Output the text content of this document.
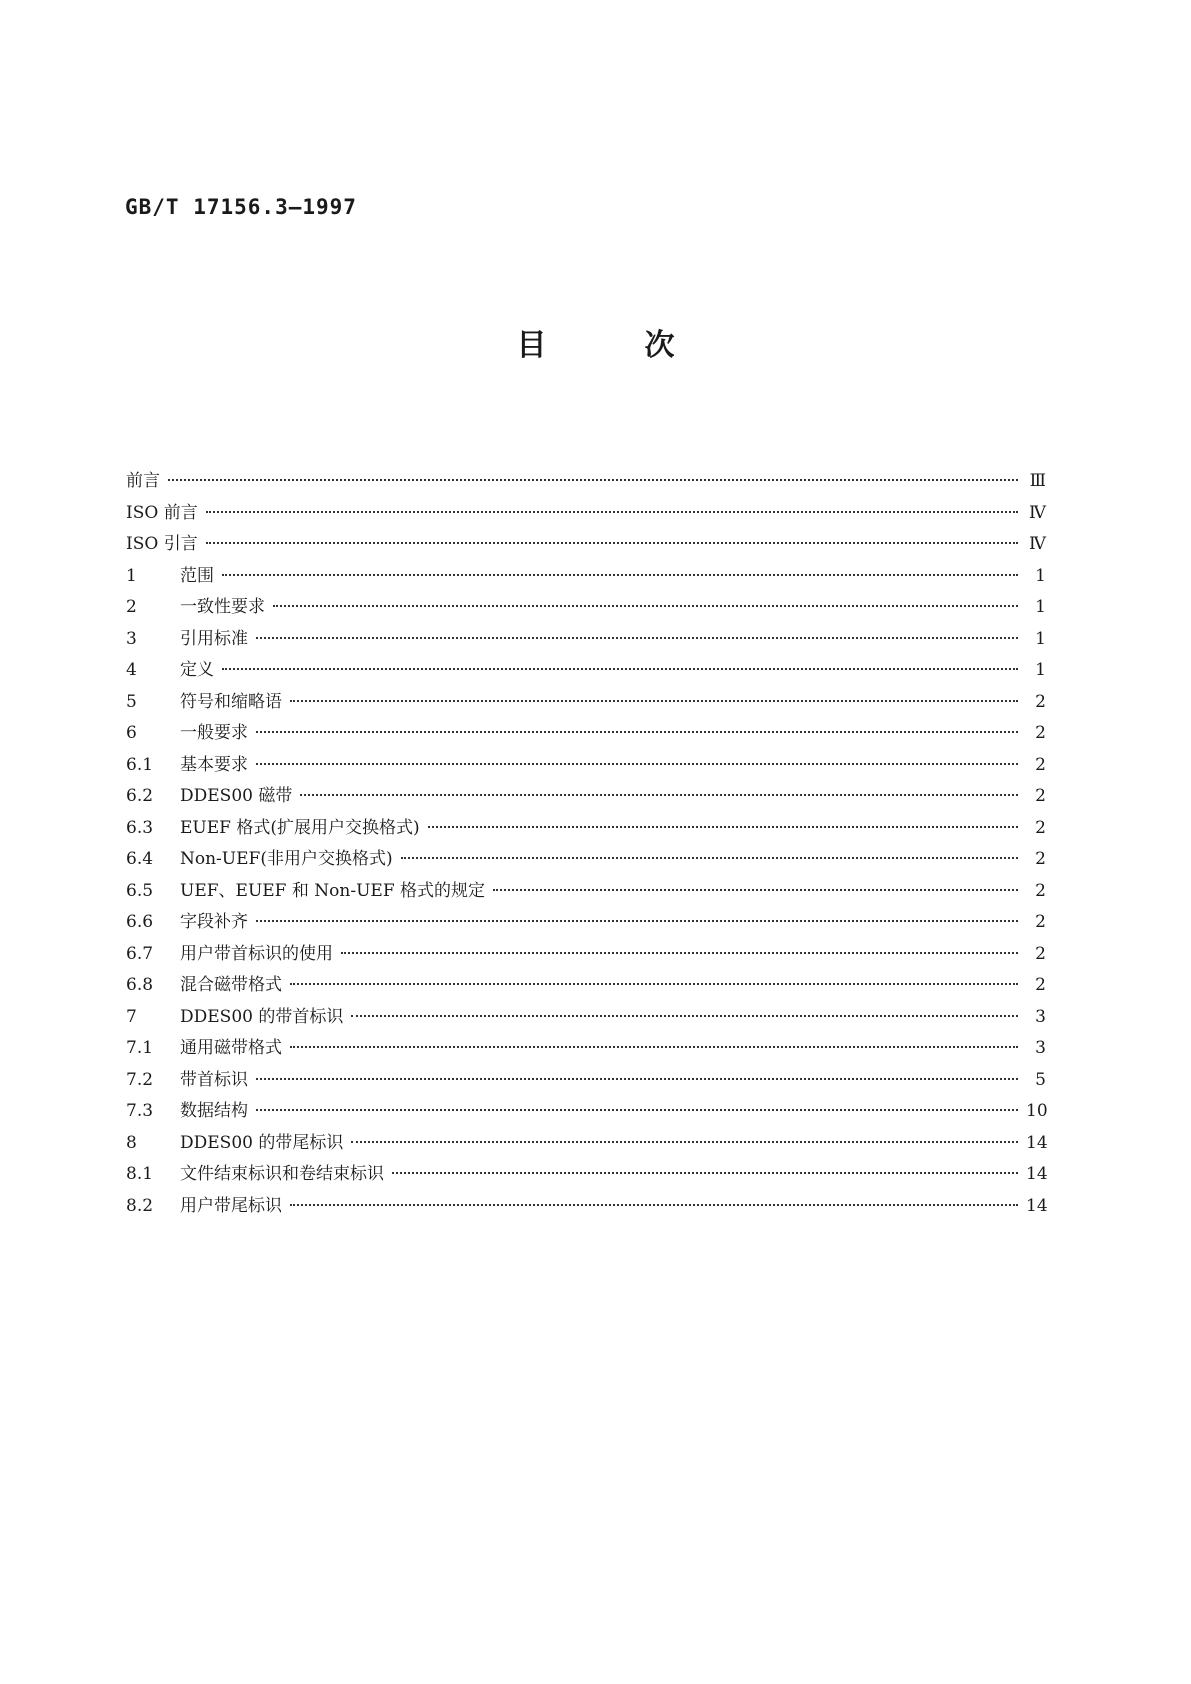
GB/T 17156.3—1997
目	次
前言	Ⅲ
ISO 前言	Ⅳ
ISO 引言	Ⅳ
1	范围	1
2	一致性要求	1
3	引用标准	1
4	定义	1
5	符号和缩略语	2
6	一般要求	2
6.1	基本要求	2
6.2	DDES00 磁带	2
6.3	EUEF 格式(扩展用户交换格式)	2
6.4	Non-UEF(非用户交换格式)	2
6.5	UEF、EUEF 和 Non-UEF 格式的规定	2
6.6	字段补齐	2
6.7	用户带首标识的使用	2
6.8	混合磁带格式	2
7	DDES00 的带首标识	3
7.1	通用磁带格式	3
7.2	带首标识	5
7.3	数据结构	10
8	DDES00 的带尾标识	14
8.1	文件结束标识和卷结束标识	14
8.2	用户带尾标识	14
